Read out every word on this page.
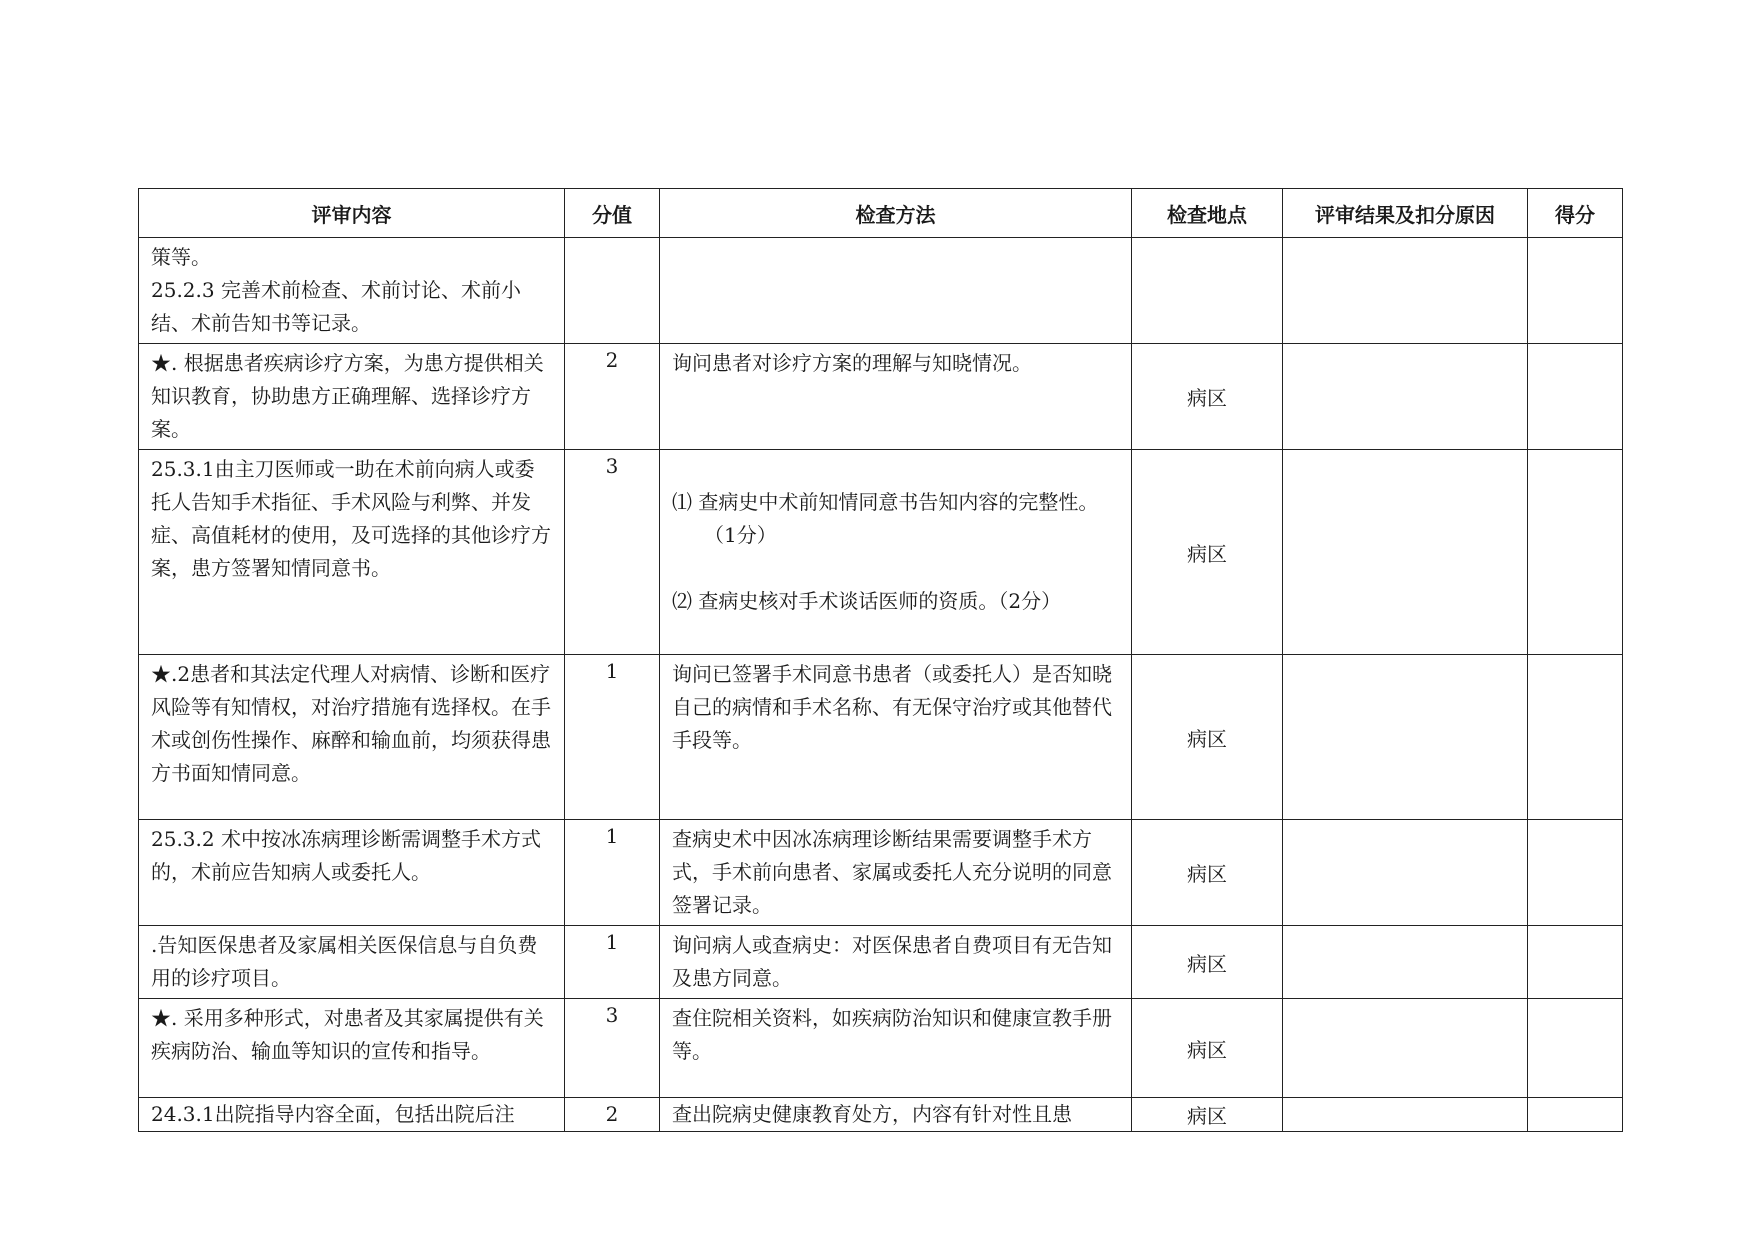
评审内容	分值	检查方法	检查地点	评审结果及扣分原因	得分

策等。
25.2.3 完善术前检查、术前讨论、术前小结、术前告知书等记录。					

★. 根据患者疾病诊疗方案，为患方提供相关知识教育，协助患方正确理解、选择诊疗方案。	2	询问患者对诊疗方案的理解与知晓情况。	病区		

25.3.1由主刀医师或一助在术前向病人或委托人告知手术指征、手术风险与利弊、并发症、高值耗材的使用，及可选择的其他诊疗方案，患方签署知情同意书。	3	⑴ 查病史中术前知情同意书告知内容的完整性。（1分）

⑵ 查病史核对手术谈话医师的资质。（2分）	病区		

★.2患者和其法定代理人对病情、诊断和医疗风险等有知情权，对治疗措施有选择权。在手术或创伤性操作、麻醉和输血前，均须获得患方书面知情同意。	1	询问已签署手术同意书患者（或委托人）是否知晓自己的病情和手术名称、有无保守治疗或其他替代手段等。	病区		

25.3.2 术中按冰冻病理诊断需调整手术方式的，术前应告知病人或委托人。	1	查病史术中因冰冻病理诊断结果需要调整手术方式，手术前向患者、家属或委托人充分说明的同意签署记录。	病区		

.告知医保患者及家属相关医保信息与自负费用的诊疗项目。	1	询问病人或查病史：对医保患者自费项目有无告知及患方同意。	病区		

★. 采用多种形式，对患者及其家属提供有关疾病防治、输血等知识的宣传和指导。	3	查住院相关资料，如疾病防治知识和健康宣教手册等。	病区		

24.3.1出院指导内容全面，包括出院后注	2	查出院病史健康教育处方，内容有针对性且患	病区		
